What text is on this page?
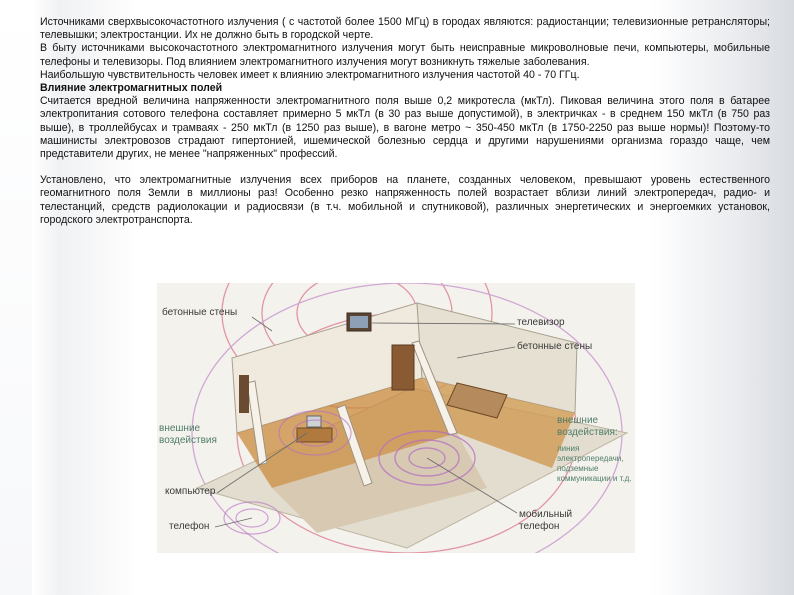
Источниками сверхвысокочастотного излучения ( с частотой более 1500 МГц) в городах являются: радиостанции; телевизионные ретрансляторы; телевышки; электростанции. Их не должно быть в городской черте.

В быту источниками высокочастотного электромагнитного излучения могут быть неисправные микроволновые печи, компьютеры, мобильные телефоны и телевизоры. Под влиянием электромагнитного излучения могут возникнуть тяжелые заболевания.

Наибольшую чувствительность человек имеет к влиянию электромагнитного излучения частотой 40 - 70 ГГц.

Влияние электромагнитных полей

Считается вредной величина напряженности электромагнитного поля выше 0,2 микротесла (мкТл). Пиковая величина этого поля в батарее электропитания сотового телефона составляет примерно 5 мкТл (в 30 раз выше допустимой), в электричках - в среднем 150 мкТл (в 750 раз выше), в троллейбусах и трамваях - 250 мкТл (в 1250 раз выше), в вагоне метро ~ 350-450 мкТл (в 1750-2250 раз выше нормы)! Поэтому-то машинисты электровозов страдают гипертонией, ишемической болезнью сердца и другими нарушениями организма гораздо чаще, чем представители других, не менее "напряженных" профессий.

Установлено, что электромагнитные излучения всех приборов на планете, созданных человеком, превышают уровень естественного геомагнитного поля Земли в миллионы раз! Особенно резко напряженность полей возрастает вблизи линий электропередач, радио- и телестанций, средств радиолокации и радиосвязи (в т.ч. мобильной и спутниковой), различных энергетических и энергоемких установок, городского электротранспорта.

бетонные стены
телевизор
бетонные стены
внешние
воздействия
внешние
воздействия:
линия
электропередачи,
подземные
коммуникации и т.д.
компьютер
мобильный
телефон
телефон
